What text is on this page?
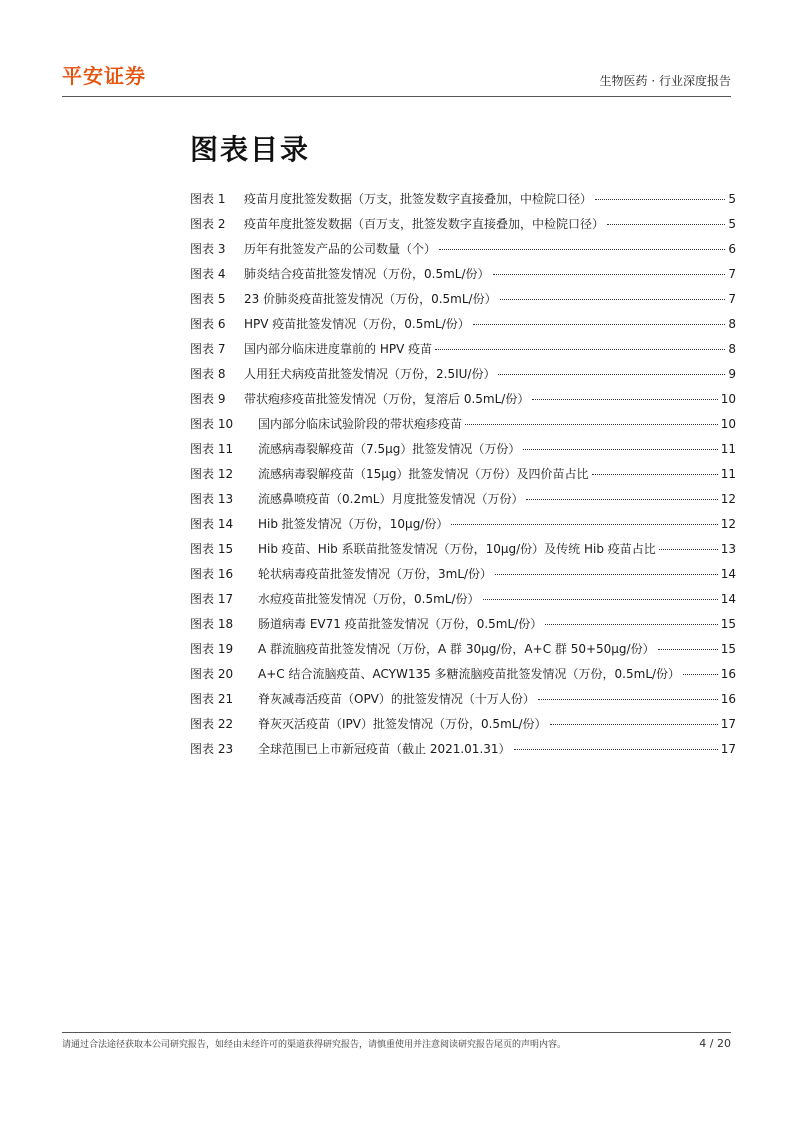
平安证券	生物医药 · 行业深度报告
图表目录
图表 1	疫苗月度批签发数据（万支，批签发数字直接叠加，中检院口径）	5
图表 2	疫苗年度批签发数据（百万支，批签发数字直接叠加，中检院口径）	5
图表 3	历年有批签发产品的公司数量（个）	6
图表 4	肺炎结合疫苗批签发情况（万份，0.5mL/份）	7
图表 5	23 价肺炎疫苗批签发情况（万份，0.5mL/份）	7
图表 6	HPV 疫苗批签发情况（万份，0.5mL/份）	8
图表 7	国内部分临床进度靠前的 HPV 疫苗	8
图表 8	人用狂犬病疫苗批签发情况（万份，2.5IU/份）	9
图表 9	带状疱疹疫苗批签发情况（万份，复溶后 0.5mL/份）	10
图表 10	国内部分临床试验阶段的带状疱疹疫苗	10
图表 11	流感病毒裂解疫苗（7.5μg）批签发情况（万份）	11
图表 12	流感病毒裂解疫苗（15μg）批签发情况（万份）及四价苗占比	11
图表 13	流感鼻喷疫苗（0.2mL）月度批签发情况（万份）	12
图表 14	Hib 批签发情况（万份，10μg/份）	12
图表 15	Hib 疫苗、Hib 系联苗批签发情况（万份，10μg/份）及传统 Hib 疫苗占比	13
图表 16	轮状病毒疫苗批签发情况（万份，3mL/份）	14
图表 17	水痘疫苗批签发情况（万份，0.5mL/份）	14
图表 18	肠道病毒 EV71 疫苗批签发情况（万份，0.5mL/份）	15
图表 19	A 群流脑疫苗批签发情况（万份，A 群 30μg/份，A+C 群 50+50μg/份）	15
图表 20	A+C 结合流脑疫苗、ACYW135 多糖流脑疫苗批签发情况（万份，0.5mL/份）	16
图表 21	脊灰减毒活疫苗（OPV）的批签发情况（十万人份）	16
图表 22	脊灰灭活疫苗（IPV）批签发情况（万份，0.5mL/份）	17
图表 23	全球范围已上市新冠疫苗（截止 2021.01.31）	17
请通过合法途径获取本公司研究报告，如经由未经许可的渠道获得研究报告，请慎重使用并注意阅读研究报告尾页的声明内容。	4 / 20
